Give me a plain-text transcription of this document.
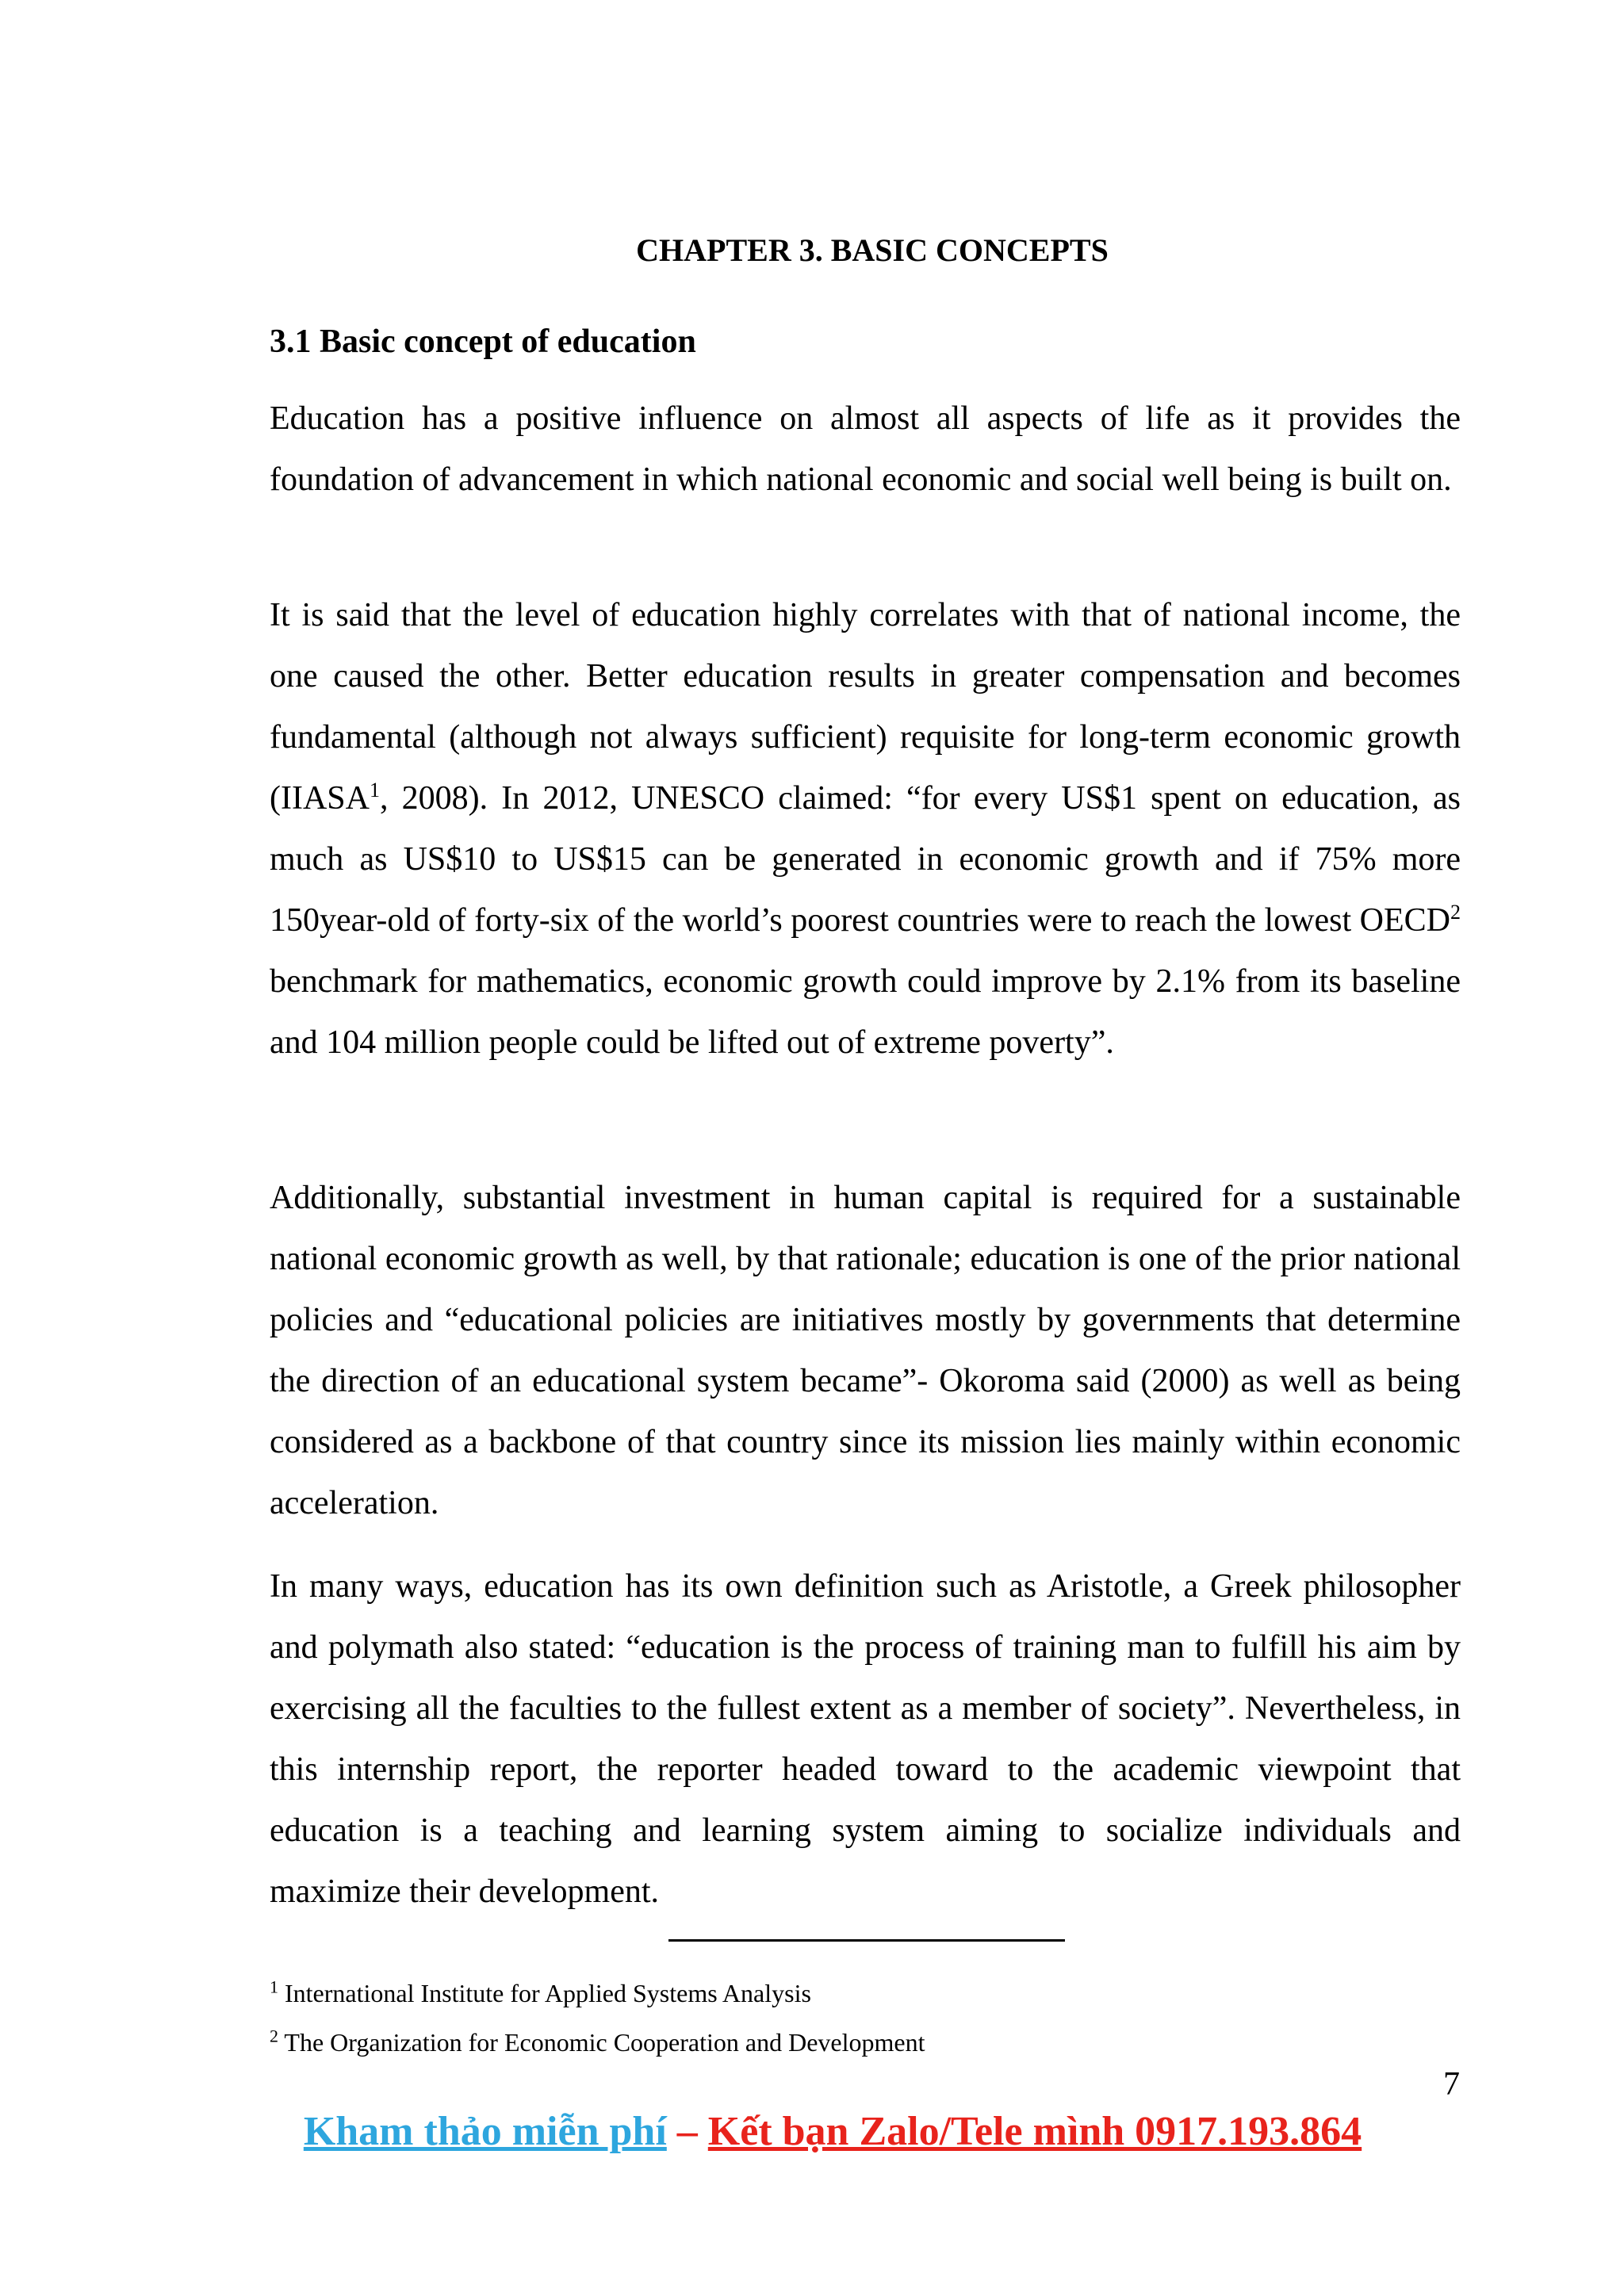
CHAPTER 3. BASIC CONCEPTS
3.1 Basic concept of education

Education has a positive influence on almost all aspects of life as it provides the foundation of advancement in which national economic and social well being is built on.

It is said that the level of education highly correlates with that of national income, the one caused the other. Better education results in greater compensation and becomes fundamental (although not always sufficient) requisite for long-term economic growth (IIASA$^1$, 2008). In 2012, UNESCO claimed: “for every US$1 spent on education, as much as US$10 to US$15 can be generated in economic growth and if 75% more 150year-old of forty-six of the world’s poorest countries were to reach the lowest OECD$^2$ benchmark for mathematics, economic growth could improve by 2.1% from its baseline and 104 million people could be lifted out of extreme poverty”.

Additionally, substantial investment in human capital is required for a sustainable national economic growth as well, by that rationale; education is one of the prior national policies and “educational policies are initiatives mostly by governments that determine the direction of an educational system became”- Okoroma said (2000) as well as being considered as a backbone of that country since its mission lies mainly within economic acceleration.

In many ways, education has its own definition such as Aristotle, a Greek philosopher and polymath also stated: “education is the process of training man to fulfill his aim by exercising all the faculties to the fullest extent as a member of society”. Nevertheless, in this internship report, the reporter headed toward to the academic viewpoint that education is a teaching and learning system aiming to socialize individuals and maximize their development.

$^1$ International Institute for Applied Systems Analysis

$^2$ The Organization for Economic Cooperation and Development

7
Kham thảo miễn phí – Kết bạn Zalo/Tele mình 0917.193.864
